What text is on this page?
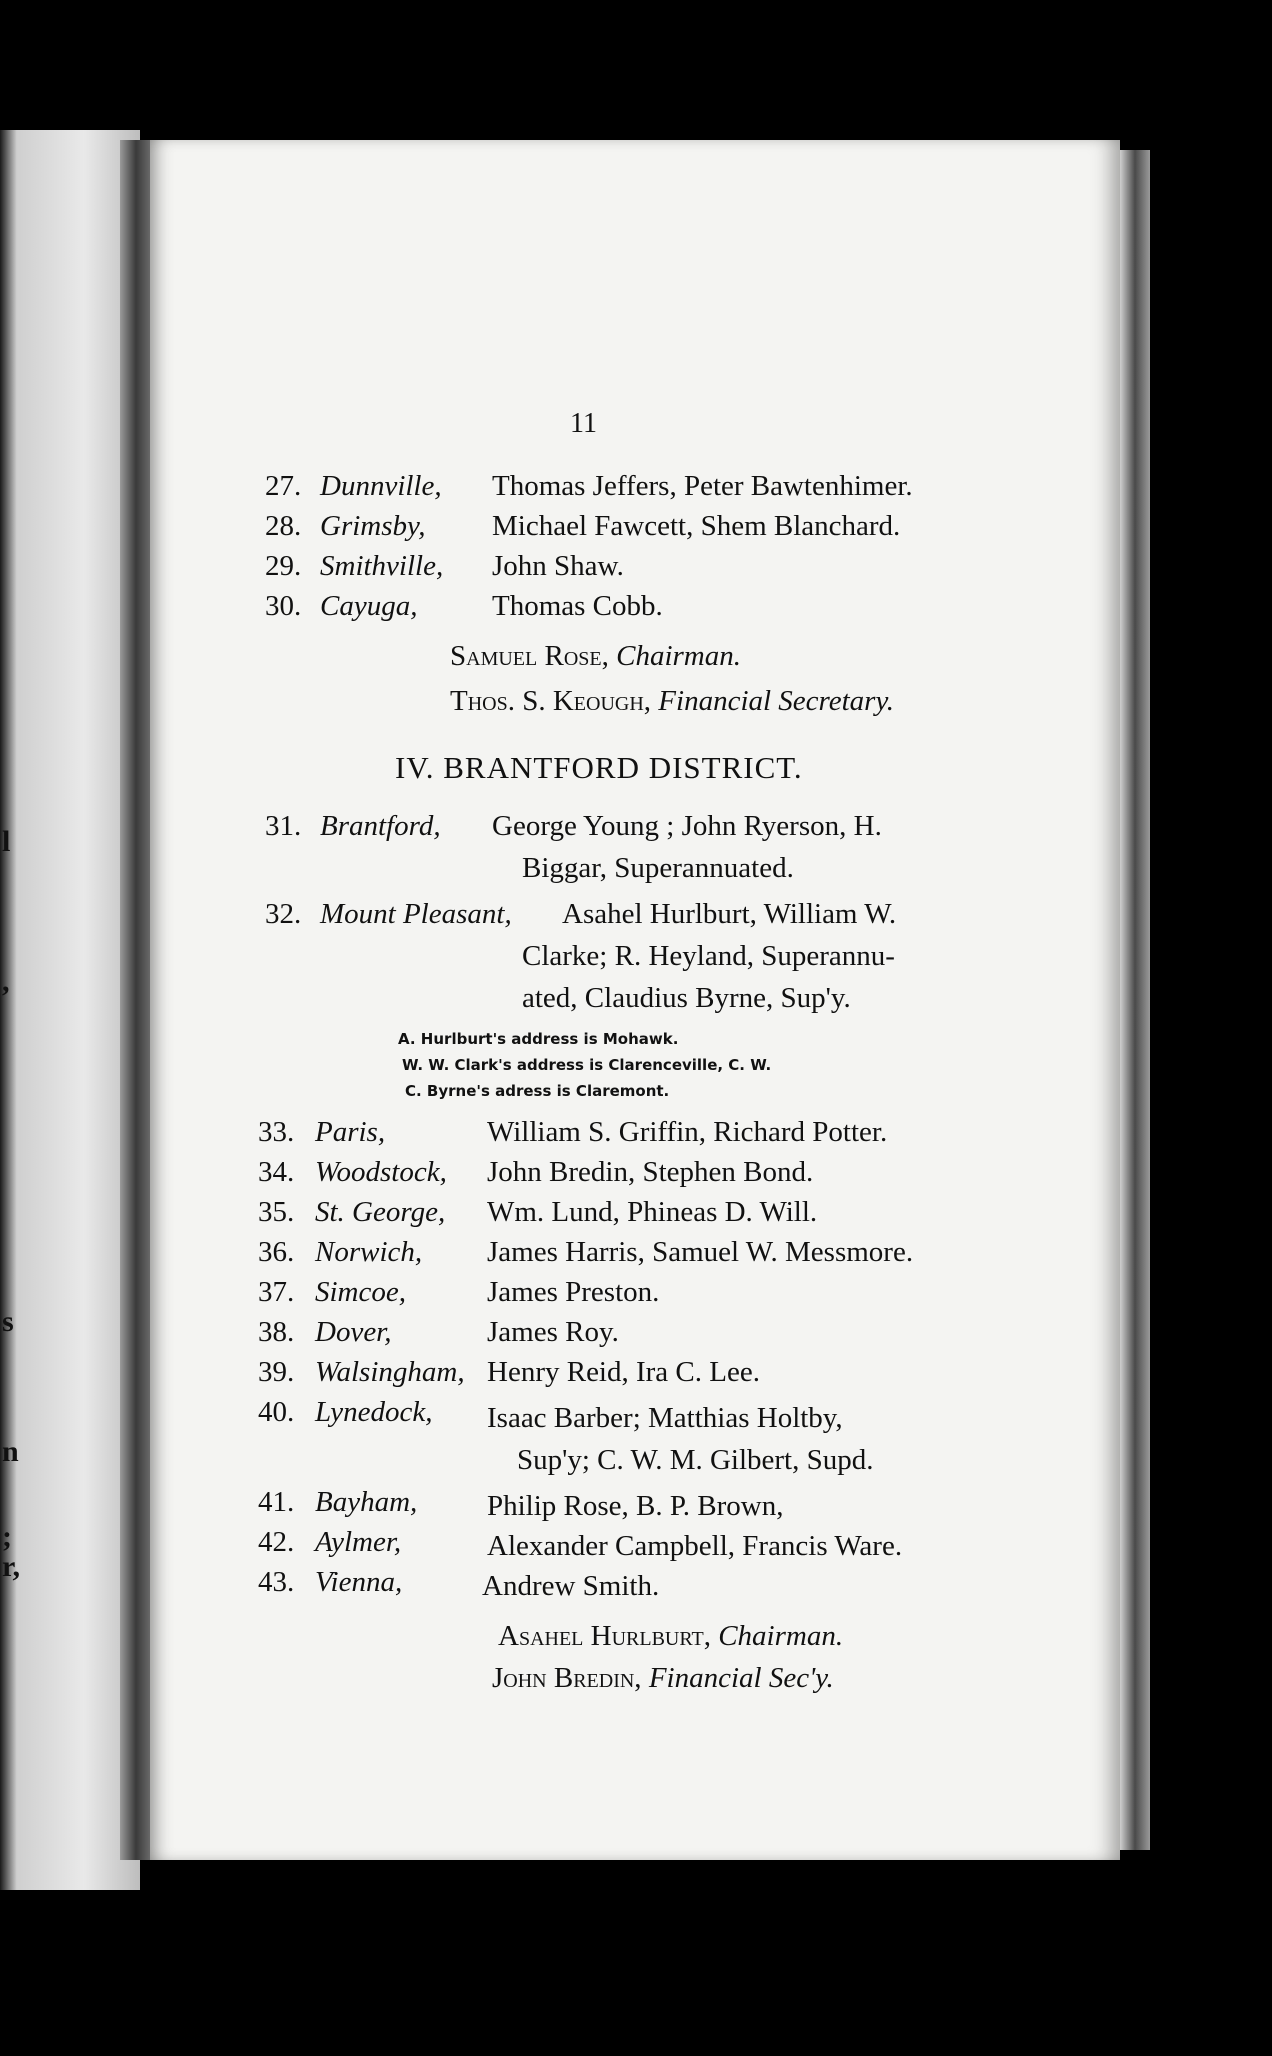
l
,
s
n
;
r,
11
27. Dunnville, Thomas Jeffers, Peter Bawtenhimer.
28. Grimsby, Michael Fawcett, Shem Blanchard.
29. Smithville, John Shaw.
30. Cayuga,	Thomas Cobb.
Samuel Rose, Chairman.
Thos. S. Keough, Financial Secretary.
IV. BRANTFORD DISTRICT.
31. Brantford, George Young ; John Ryerson, H.
Biggar, Superannuated.
32. Mount Pleasant, Asahel Hurlburt, William W.
Clarke; R. Heyland, Superannu-
ated, Claudius Byrne, Sup'y.
A. Hurlburt's address is Mohawk.
W. W. Clark's address is Clarenceville, C. W.
C. Byrne's adress is Claremont.
33. Paris,	William S. Griffin, Richard Potter.
34. Woodstock, John Bredin, Stephen Bond.
35. St. George, Wm. Lund, Phineas D. Will.
36. Norwich, James Harris, Samuel W. Messmore.
37. Simcoe,	James Preston.
38. Dover,	James Roy.
39. Walsingham, Henry Reid, Ira C. Lee.
40. Lynedock, Isaac Barber; Matthias Holtby,
Sup'y; C. W. M. Gilbert, Supd.
41. Bayham, Philip Rose, B. P. Brown,
42. Aylmer,	Alexander Campbell, Francis Ware.
43. Vienna,	Andrew Smith.
Asahel Hurlburt, Chairman.
John Bredin, Financial Sec'y.
